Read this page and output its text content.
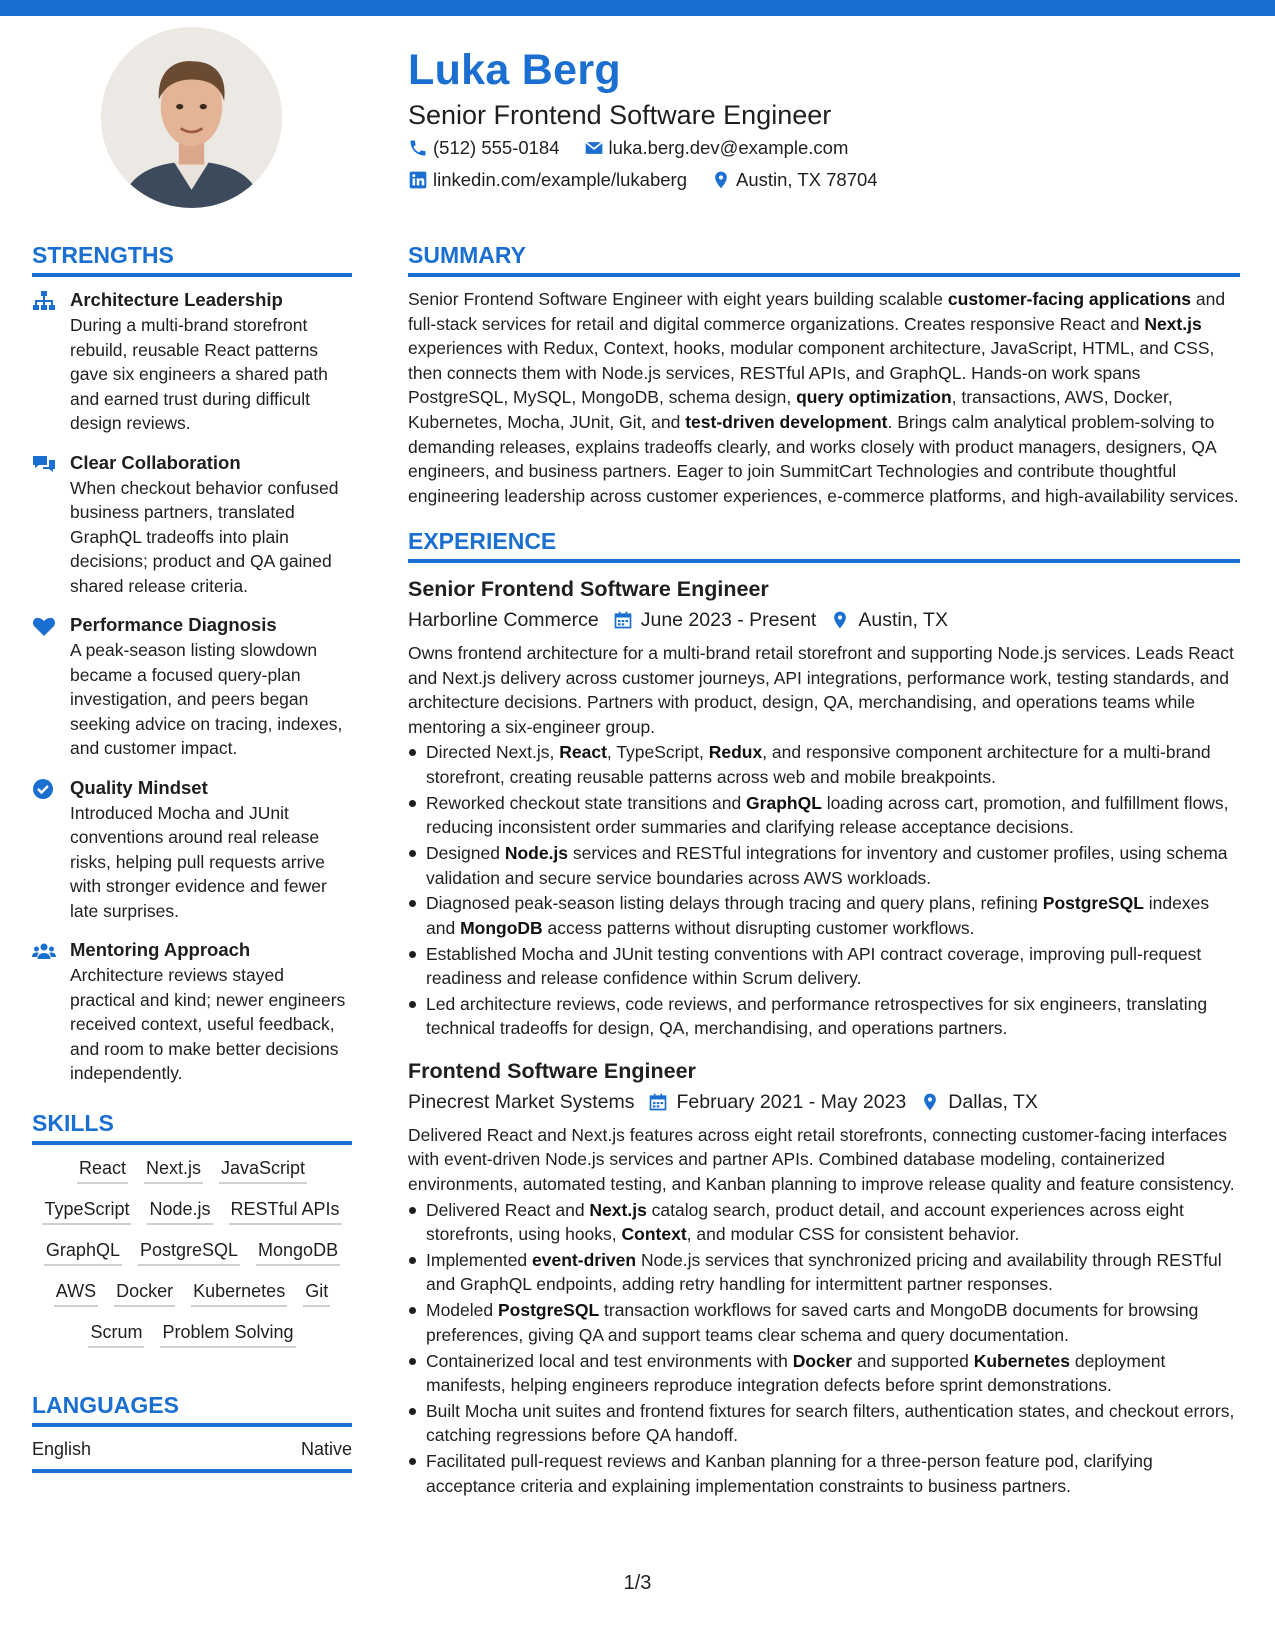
Luka Berg
Senior Frontend Software Engineer
(512) 555-0184	luka.berg.dev@example.com
linkedin.com/example/lukaberg	Austin, TX 78704
STRENGTHS
Architecture Leadership
During a multi-brand storefront rebuild, reusable React patterns gave six engineers a shared path and earned trust during difficult design reviews.
Clear Collaboration
When checkout behavior confused business partners, translated GraphQL tradeoffs into plain decisions; product and QA gained shared release criteria.
Performance Diagnosis
A peak-season listing slowdown became a focused query-plan investigation, and peers began seeking advice on tracing, indexes, and customer impact.
Quality Mindset
Introduced Mocha and JUnit conventions around real release risks, helping pull requests arrive with stronger evidence and fewer late surprises.
Mentoring Approach
Architecture reviews stayed practical and kind; newer engineers received context, useful feedback, and room to make better decisions independently.
SKILLS
React Next.js JavaScript
TypeScript Node.js RESTful APIs
GraphQL PostgreSQL MongoDB
AWS Docker Kubernetes Git
Scrum Problem Solving
LANGUAGES
English	Native
SUMMARY
Senior Frontend Software Engineer with eight years building scalable customer-facing applications and full-stack services for retail and digital commerce organizations. Creates responsive React and Next.js experiences with Redux, Context, hooks, modular component architecture, JavaScript, HTML, and CSS, then connects them with Node.js services, RESTful APIs, and GraphQL. Hands-on work spans PostgreSQL, MySQL, MongoDB, schema design, query optimization, transactions, AWS, Docker, Kubernetes, Mocha, JUnit, Git, and test-driven development. Brings calm analytical problem-solving to demanding releases, explains tradeoffs clearly, and works closely with product managers, designers, QA engineers, and business partners. Eager to join SummitCart Technologies and contribute thoughtful engineering leadership across customer experiences, e-commerce platforms, and high-availability services.
EXPERIENCE
Senior Frontend Software Engineer
Harborline Commerce June 2023 - Present Austin, TX
Owns frontend architecture for a multi-brand retail storefront and supporting Node.js services. Leads React and Next.js delivery across customer journeys, API integrations, performance work, testing standards, and architecture decisions. Partners with product, design, QA, merchandising, and operations teams while mentoring a six-engineer group.
Directed Next.js, React, TypeScript, Redux, and responsive component architecture for a multi-brand storefront, creating reusable patterns across web and mobile breakpoints.
Reworked checkout state transitions and GraphQL loading across cart, promotion, and fulfillment flows, reducing inconsistent order summaries and clarifying release acceptance decisions.
Designed Node.js services and RESTful integrations for inventory and customer profiles, using schema validation and secure service boundaries across AWS workloads.
Diagnosed peak-season listing delays through tracing and query plans, refining PostgreSQL indexes and MongoDB access patterns without disrupting customer workflows.
Established Mocha and JUnit testing conventions with API contract coverage, improving pull-request readiness and release confidence within Scrum delivery.
Led architecture reviews, code reviews, and performance retrospectives for six engineers, translating technical tradeoffs for design, QA, merchandising, and operations partners.
Frontend Software Engineer
Pinecrest Market Systems February 2021 - May 2023 Dallas, TX
Delivered React and Next.js features across eight retail storefronts, connecting customer-facing interfaces with event-driven Node.js services and partner APIs. Combined database modeling, containerized environments, automated testing, and Kanban planning to improve release quality and feature consistency.
Delivered React and Next.js catalog search, product detail, and account experiences across eight storefronts, using hooks, Context, and modular CSS for consistent behavior.
Implemented event-driven Node.js services that synchronized pricing and availability through RESTful and GraphQL endpoints, adding retry handling for intermittent partner responses.
Modeled PostgreSQL transaction workflows for saved carts and MongoDB documents for browsing preferences, giving QA and support teams clear schema and query documentation.
Containerized local and test environments with Docker and supported Kubernetes deployment manifests, helping engineers reproduce integration defects before sprint demonstrations.
Built Mocha unit suites and frontend fixtures for search filters, authentication states, and checkout errors, catching regressions before QA handoff.
Facilitated pull-request reviews and Kanban planning for a three-person feature pod, clarifying acceptance criteria and explaining implementation constraints to business partners.
1/3
